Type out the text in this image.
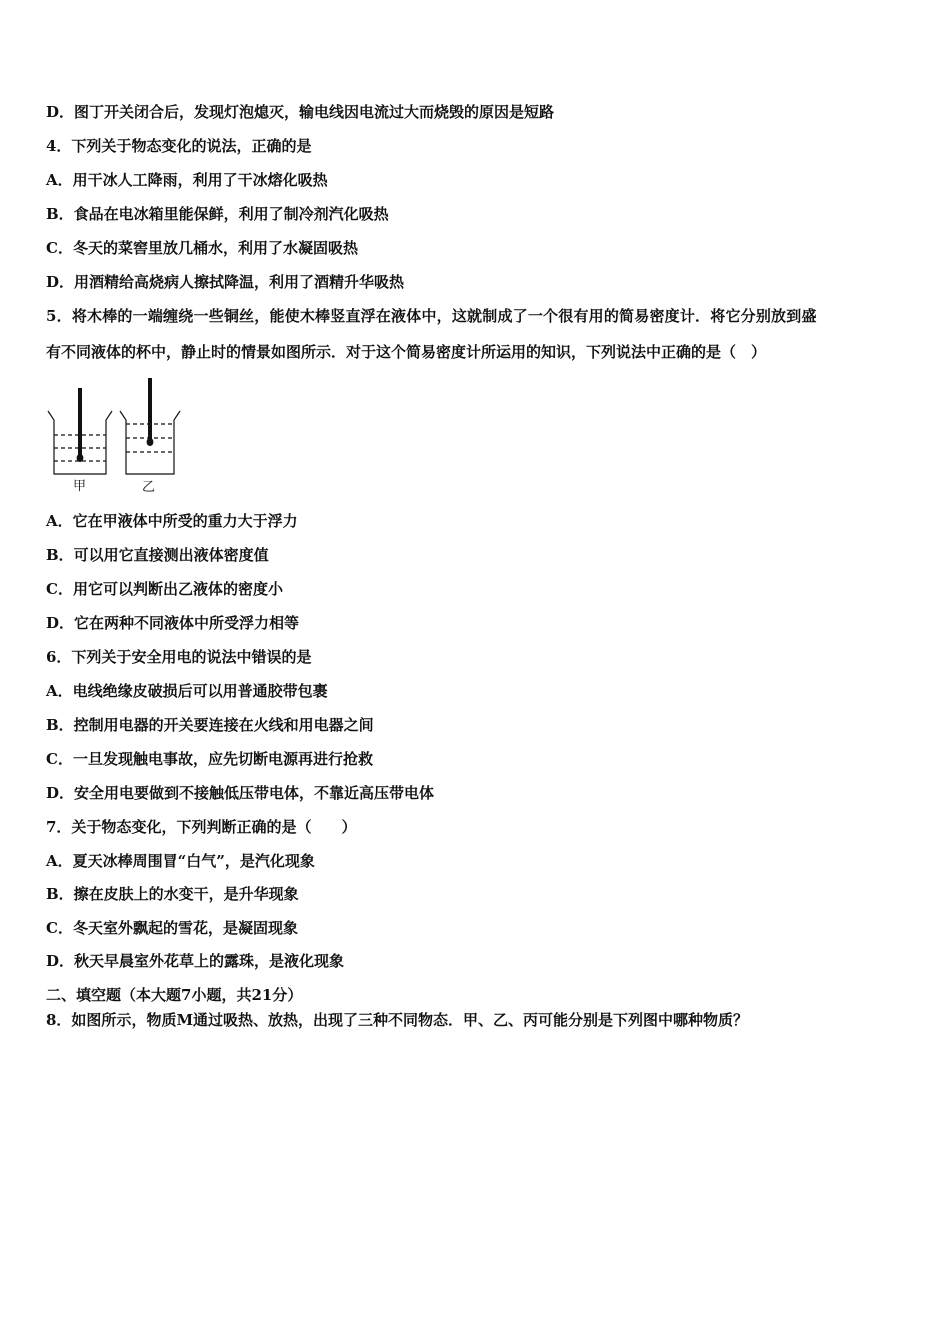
D．图丁开关闭合后，发现灯泡熄灭，输电线因电流过大而烧毁的原因是短路
4．下列关于物态变化的说法，正确的是
A．用干冰人工降雨，利用了干冰熔化吸热
B．食品在电冰箱里能保鲜，利用了制冷剂汽化吸热
C．冬天的菜窖里放几桶水，利用了水凝固吸热
D．用酒精给高烧病人擦拭降温，利用了酒精升华吸热
5．将木棒的一端缠绕一些铜丝，能使木棒竖直浮在液体中，这就制成了一个很有用的简易密度计．将它分别放到盛
有不同液体的杯中，静止时的情景如图所示．对于这个简易密度计所运用的知识，下列说法中正确的是（　）
甲	乙
A．它在甲液体中所受的重力大于浮力
B．可以用它直接测出液体密度值
C．用它可以判断出乙液体的密度小
D．它在两种不同液体中所受浮力相等
6．下列关于安全用电的说法中错误的是
A．电线绝缘皮破损后可以用普通胶带包裹
B．控制用电器的开关要连接在火线和用电器之间
C．一旦发现触电事故，应先切断电源再进行抢救
D．安全用电要做到不接触低压带电体，不靠近高压带电体
7．关于物态变化，下列判断正确的是（　　）
A．夏天冰棒周围冒“白气”，是汽化现象
B．擦在皮肤上的水变干，是升华现象
C．冬天室外飘起的雪花，是凝固现象
D．秋天早晨室外花草上的露珠，是液化现象
二、填空题（本大题7小题，共21分）
8．如图所示，物质M通过吸热、放热，出现了三种不同物态．甲、乙、丙可能分别是下列图中哪种物质？
